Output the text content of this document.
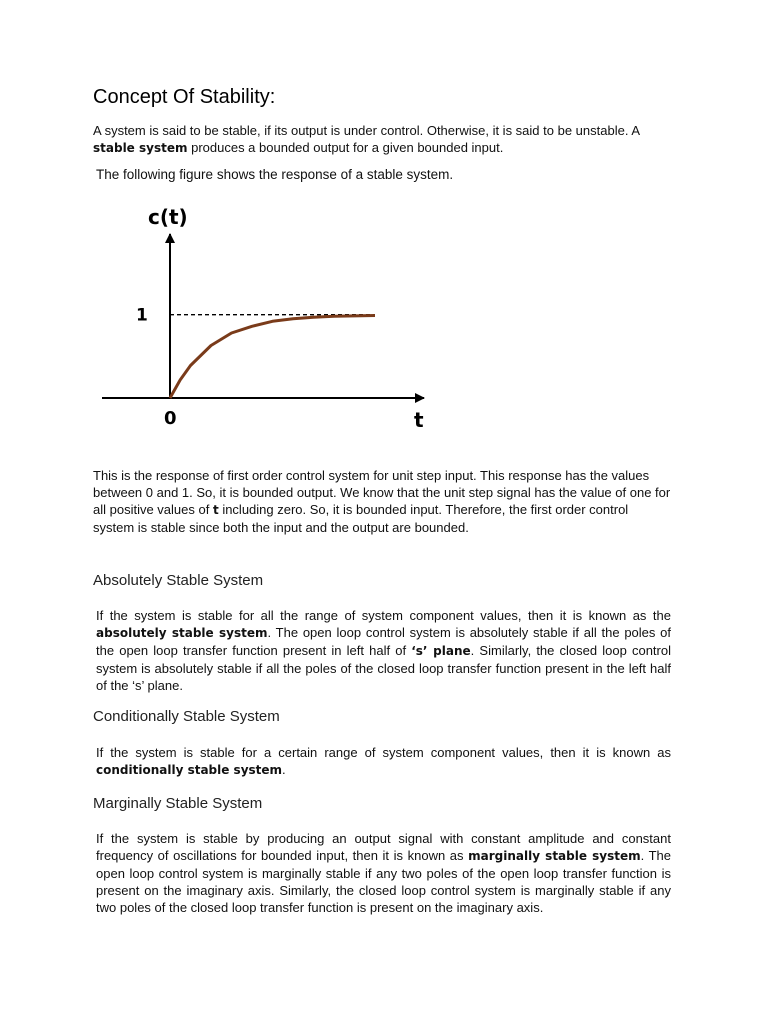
Concept Of Stability:

A system is said to be stable, if its output is under control. Otherwise, it is said to be unstable. A stable system produces a bounded output for a given bounded input.

The following figure shows the response of a stable system.

c(t)
t
0
1

This is the response of first order control system for unit step input. This response has the values between 0 and 1. So, it is bounded output. We know that the unit step signal has the value of one for all positive values of t including zero. So, it is bounded input. Therefore, the first order control system is stable since both the input and the output are bounded.

Absolutely Stable System

If the system is stable for all the range of system component values, then it is known as the absolutely stable system. The open loop control system is absolutely stable if all the poles of the open loop transfer function present in left half of ‘s’ plane. Similarly, the closed loop control system is absolutely stable if all the poles of the closed loop transfer function present in the left half of the ‘s’ plane.

Conditionally Stable System

If the system is stable for a certain range of system component values, then it is known as conditionally stable system.

Marginally Stable System

If the system is stable by producing an output signal with constant amplitude and constant frequency of oscillations for bounded input, then it is known as marginally stable system. The open loop control system is marginally stable if any two poles of the open loop transfer function is present on the imaginary axis. Similarly, the closed loop control system is marginally stable if any two poles of the closed loop transfer function is present on the imaginary axis.
